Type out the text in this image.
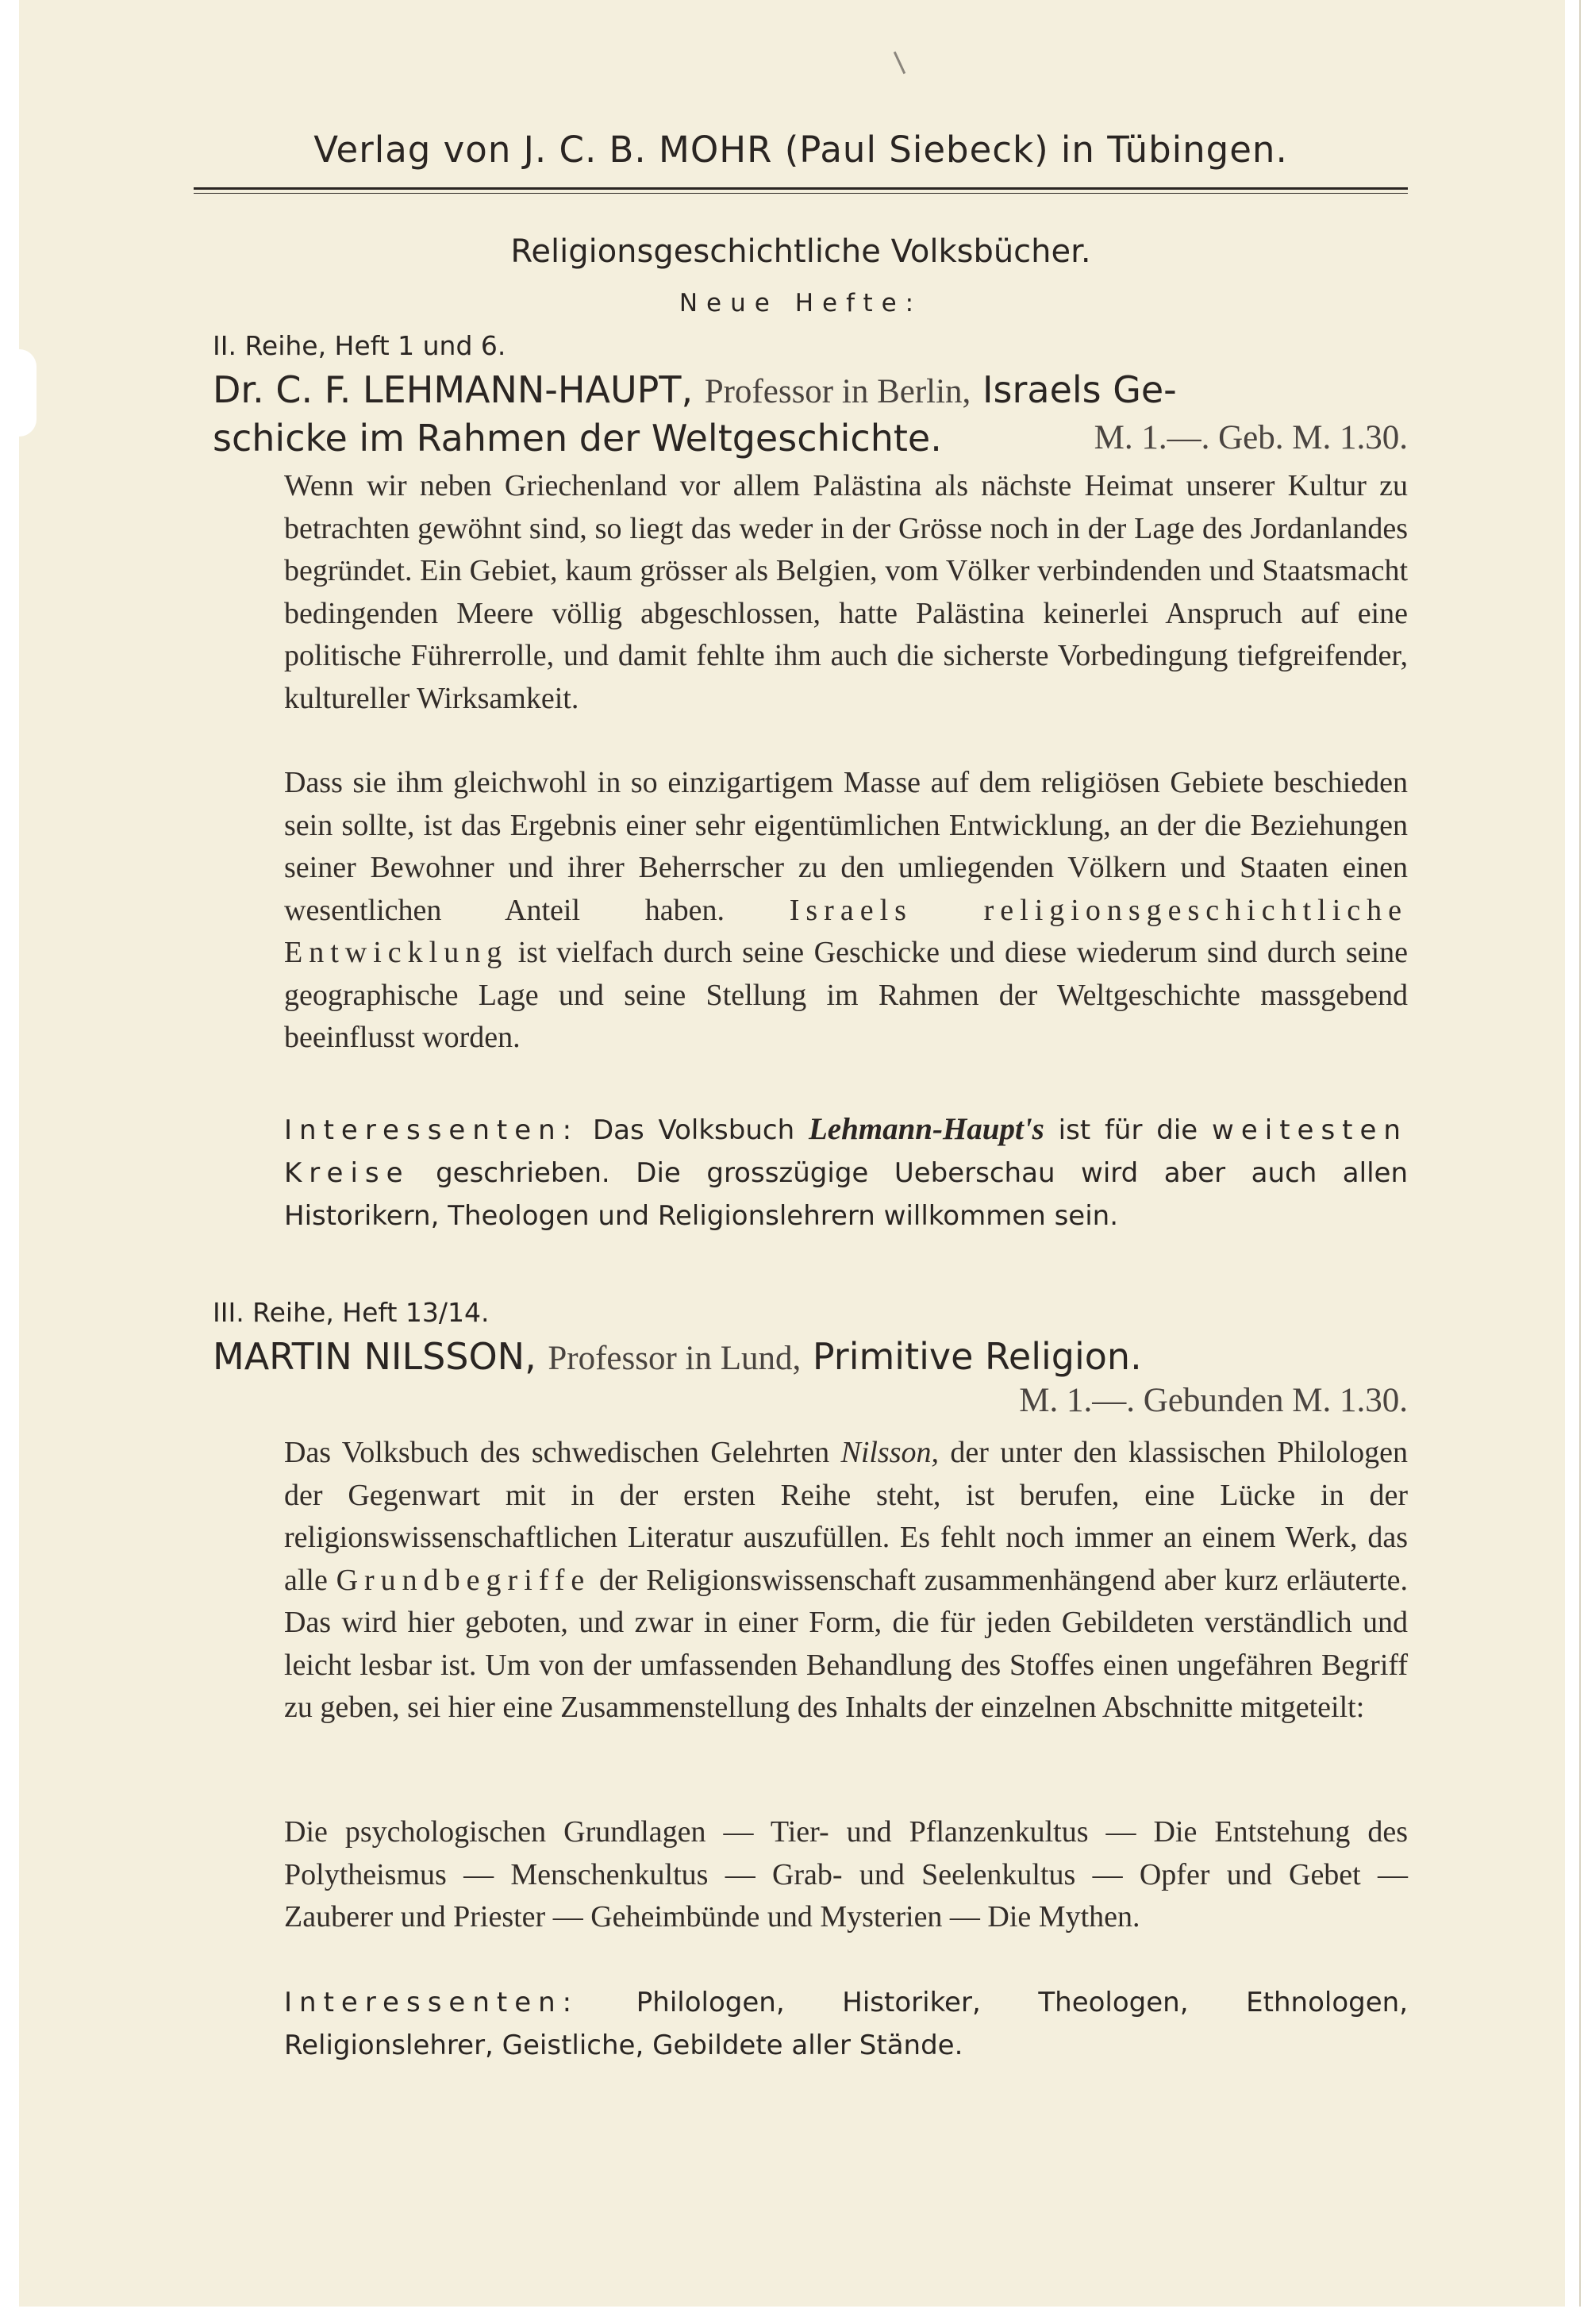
Verlag von J. C. B. MOHR (Paul Siebeck) in Tübingen.
Religionsgeschichtliche Volksbücher.
Neue Hefte:
II. Reihe, Heft 1 und 6.
Dr. C. F. LEHMANN-HAUPT, Professor in Berlin, Israels Ge-
schicke im Rahmen der Weltgeschichte.	M. 1.—. Geb. M. 1.30.
Wenn wir neben Griechenland vor allem Palästina als nächste Heimat unserer Kultur zu betrachten gewöhnt sind, so liegt das weder in der Grösse noch in der Lage des Jordanlandes begründet. Ein Gebiet, kaum grösser als Belgien, vom Völker verbindenden und Staatsmacht bedingenden Meere völlig abgeschlossen, hatte Palästina keinerlei Anspruch auf eine politische Führerrolle, und damit fehlte ihm auch die sicherste Vorbedingung tiefgreifender, kultureller Wirksamkeit.
Dass sie ihm gleichwohl in so einzigartigem Masse auf dem religiösen Gebiete beschieden sein sollte, ist das Ergebnis einer sehr eigentümlichen Entwicklung, an der die Beziehungen seiner Bewohner und ihrer Beherrscher zu den umliegenden Völkern und Staaten einen wesentlichen Anteil haben. Israels religionsgeschichtliche Entwicklung ist vielfach durch seine Geschicke und diese wiederum sind durch seine geographische Lage und seine Stellung im Rahmen der Weltgeschichte massgebend beeinflusst worden.
Interessenten: Das Volksbuch Lehmann-Haupt's ist für die weitesten Kreise geschrieben. Die grosszügige Ueberschau wird aber auch allen Historikern, Theologen und Religionslehrern willkommen sein.
III. Reihe, Heft 13/14.
MARTIN NILSSON, Professor in Lund, Primitive Religion.
M. 1.—. Gebunden M. 1.30.
Das Volksbuch des schwedischen Gelehrten Nilsson, der unter den klassischen Philologen der Gegenwart mit in der ersten Reihe steht, ist berufen, eine Lücke in der religionswissenschaftlichen Literatur auszufüllen. Es fehlt noch immer an einem Werk, das alle Grundbegriffe der Religionswissenschaft zusammenhängend aber kurz erläuterte. Das wird hier geboten, und zwar in einer Form, die für jeden Gebildeten verständlich und leicht lesbar ist. Um von der umfassenden Behandlung des Stoffes einen ungefähren Begriff zu geben, sei hier eine Zusammenstellung des Inhalts der einzelnen Abschnitte mitgeteilt:
Die psychologischen Grundlagen — Tier- und Pflanzenkultus — Die Entstehung des Polytheismus — Menschenkultus — Grab- und Seelenkultus — Opfer und Gebet — Zauberer und Priester — Geheimbünde und Mysterien — Die Mythen.
Interessenten: Philologen, Historiker, Theologen, Ethnologen, Religionslehrer, Geistliche, Gebildete aller Stände.
